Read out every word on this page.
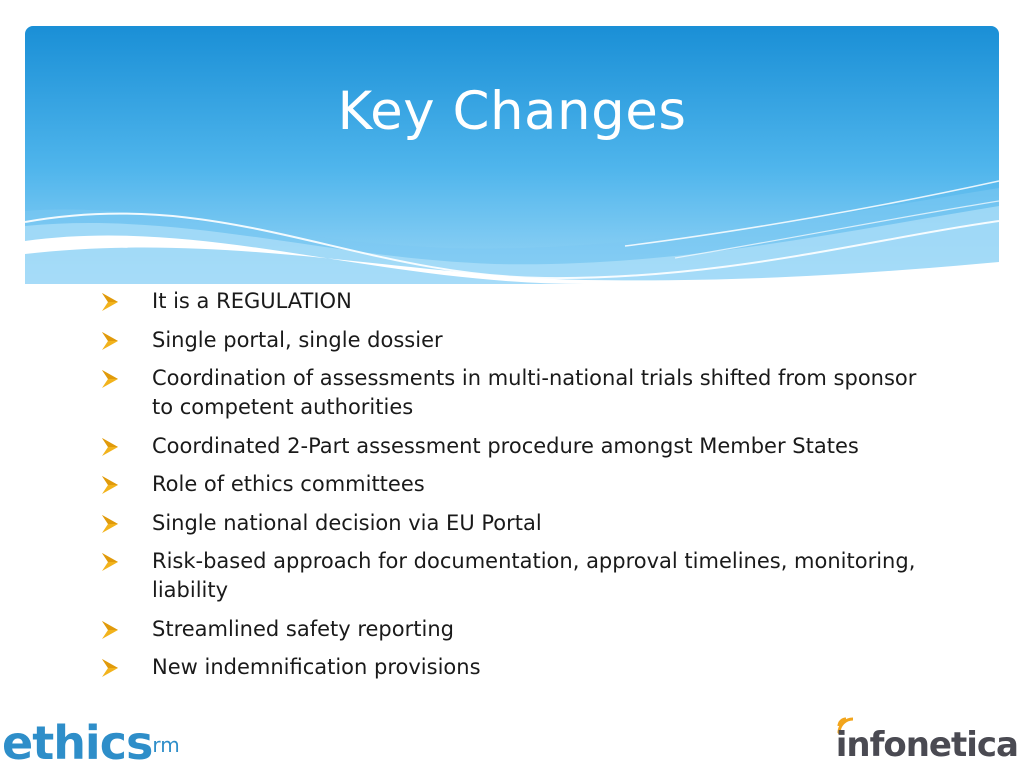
Key Changes
It is a REGULATION
Single portal, single dossier
Coordination of assessments in multi-national trials shifted from sponsor to competent authorities
Coordinated 2-Part assessment procedure amongst Member States
Role of ethics committees
Single national decision via EU Portal
Risk-based approach for documentation, approval timelines, monitoring, liability
Streamlined safety reporting
New indemnification provisions
ethics$^{rm}$	infonetica
